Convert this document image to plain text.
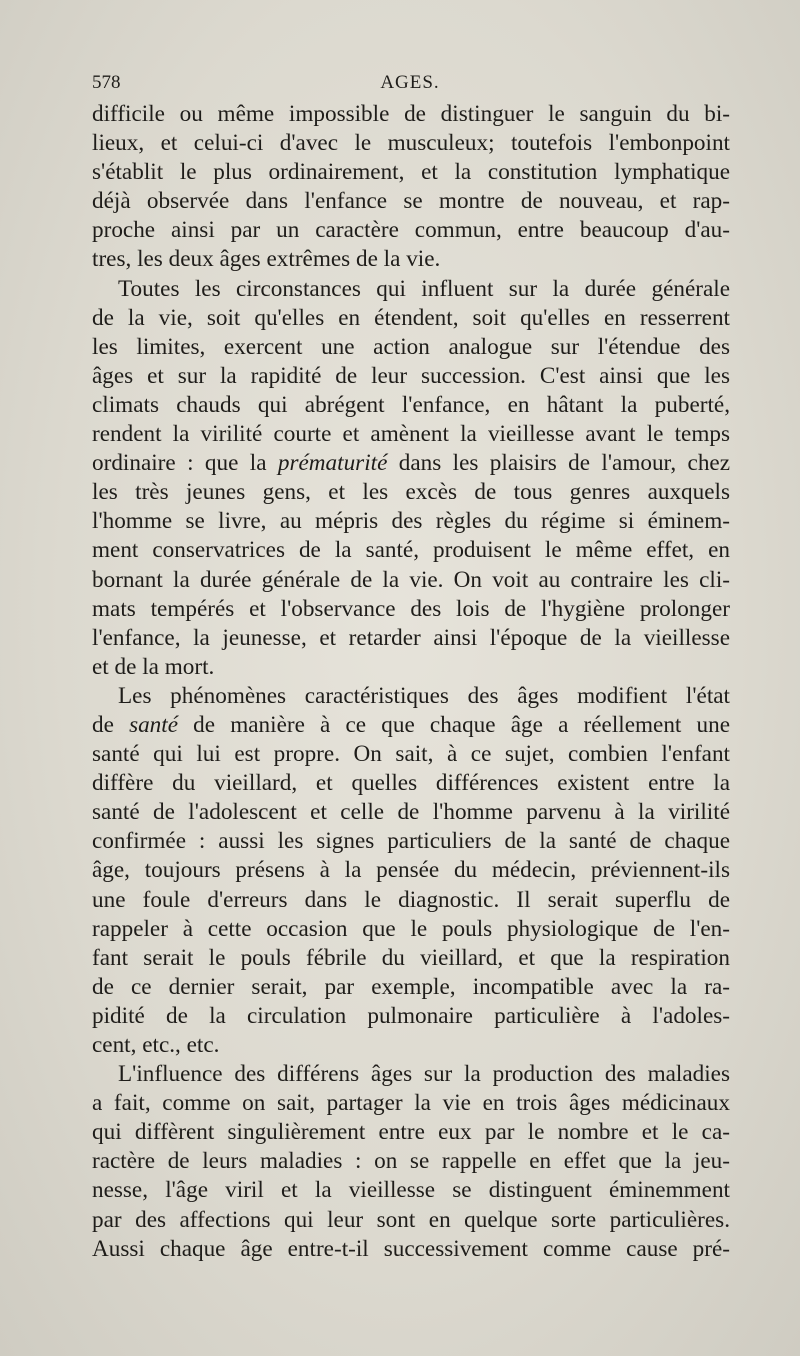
578	AGES.

difficile ou même impossible de distinguer le sanguin du bi-
lieux, et celui-ci d'avec le musculeux; toutefois l'embonpoint
s'établit le plus ordinairement, et la constitution lymphatique
déjà observée dans l'enfance se montre de nouveau, et rap-
proche ainsi par un caractère commun, entre beaucoup d'au-
tres, les deux âges extrêmes de la vie.

Toutes les circonstances qui influent sur la durée générale
de la vie, soit qu'elles en étendent, soit qu'elles en resserrent
les limites, exercent une action analogue sur l'étendue des
âges et sur la rapidité de leur succession. C'est ainsi que les
climats chauds qui abrégent l'enfance, en hâtant la puberté,
rendent la virilité courte et amènent la vieillesse avant le temps
ordinaire : que la prématurité dans les plaisirs de l'amour, chez
les très jeunes gens, et les excès de tous genres auxquels
l'homme se livre, au mépris des règles du régime si éminem-
ment conservatrices de la santé, produisent le même effet, en
bornant la durée générale de la vie. On voit au contraire les cli-
mats tempérés et l'observance des lois de l'hygiène prolonger
l'enfance, la jeunesse, et retarder ainsi l'époque de la vieillesse
et de la mort.

Les phénomènes caractéristiques des âges modifient l'état
de santé de manière à ce que chaque âge a réellement une
santé qui lui est propre. On sait, à ce sujet, combien l'enfant
diffère du vieillard, et quelles différences existent entre la
santé de l'adolescent et celle de l'homme parvenu à la virilité
confirmée : aussi les signes particuliers de la santé de chaque
âge, toujours présens à la pensée du médecin, préviennent-ils
une foule d'erreurs dans le diagnostic. Il serait superflu de
rappeler à cette occasion que le pouls physiologique de l'en-
fant serait le pouls fébrile du vieillard, et que la respiration
de ce dernier serait, par exemple, incompatible avec la ra-
pidité de la circulation pulmonaire particulière à l'adoles-
cent, etc., etc.

L'influence des différens âges sur la production des maladies
a fait, comme on sait, partager la vie en trois âges médicinaux
qui diffèrent singulièrement entre eux par le nombre et le ca-
ractère de leurs maladies : on se rappelle en effet que la jeu-
nesse, l'âge viril et la vieillesse se distinguent éminemment
par des affections qui leur sont en quelque sorte particulières.
Aussi chaque âge entre-t-il successivement comme cause pré-
